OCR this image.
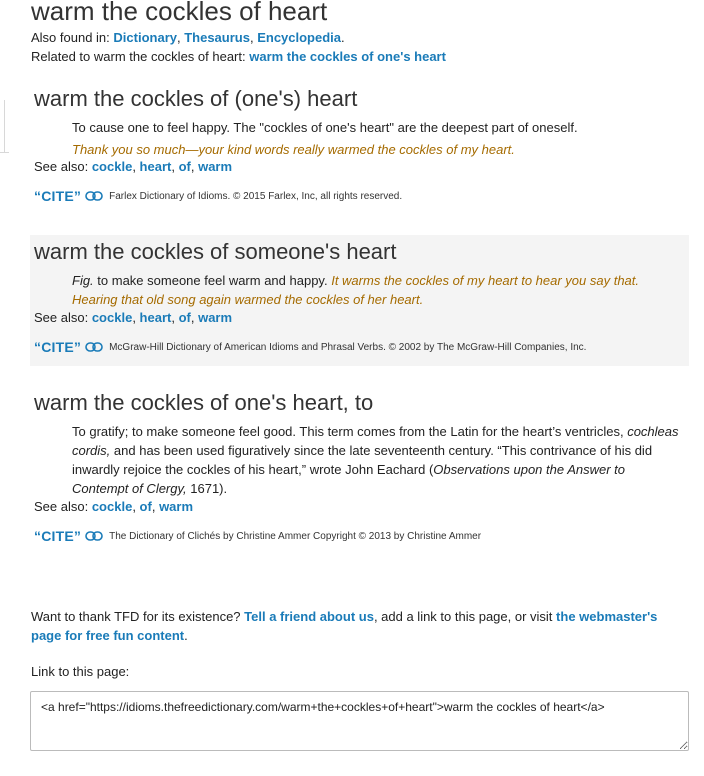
warm the cockles of heart
Also found in: Dictionary, Thesaurus, Encyclopedia.
Related to warm the cockles of heart: warm the cockles of one's heart
warm the cockles of (one's) heart
To cause one to feel happy. The "cockles of one's heart" are the deepest part of oneself.
Thank you so much—your kind words really warmed the cockles of my heart.
See also: cockle, heart, of, warm
“CITE”	Farlex Dictionary of Idioms. © 2015 Farlex, Inc, all rights reserved.
warm the cockles of someone's heart
Fig. to make someone feel warm and happy. It warms the cockles of my heart to hear you say that. Hearing that old song again warmed the cockles of her heart.
See also: cockle, heart, of, warm
“CITE”	McGraw-Hill Dictionary of American Idioms and Phrasal Verbs. © 2002 by The McGraw-Hill Companies, Inc.
warm the cockles of one's heart, to
To gratify; to make someone feel good. This term comes from the Latin for the heart’s ventricles, cochleas cordis, and has been used figuratively since the late seventeenth century. “This contrivance of his did inwardly rejoice the cockles of his heart,” wrote John Eachard (Observations upon the Answer to Contempt of Clergy, 1671).
See also: cockle, of, warm
“CITE”	The Dictionary of Clichés by Christine Ammer Copyright © 2013 by Christine Ammer
Want to thank TFD for its existence? Tell a friend about us, add a link to this page, or visit the webmaster's page for free fun content.
Link to this page:
<a href="https://idioms.thefreedictionary.com/warm+the+cockles+of+heart">warm the cockles of heart</a>
